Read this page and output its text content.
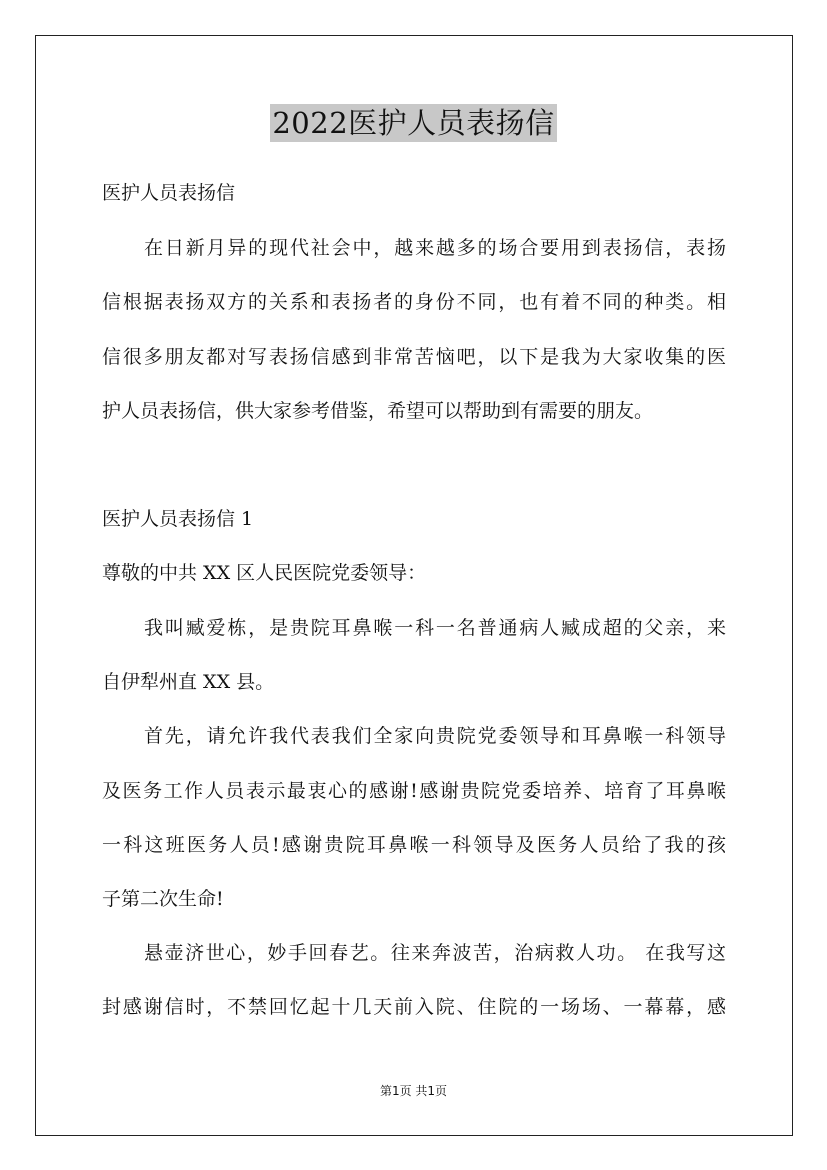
2022医护人员表扬信
医护人员表扬信
在日新月异的现代社会中，越来越多的场合要用到表扬信，表扬
信根据表扬双方的关系和表扬者的身份不同，也有着不同的种类。相
信很多朋友都对写表扬信感到非常苦恼吧，以下是我为大家收集的医
护人员表扬信，供大家参考借鉴，希望可以帮助到有需要的朋友。
医护人员表扬信 1
尊敬的中共 XX 区人民医院党委领导：
我叫臧爱栋，是贵院耳鼻喉一科一名普通病人臧成超的父亲，来
自伊犁州直 XX 县。
首先，请允许我代表我们全家向贵院党委领导和耳鼻喉一科领导
及医务工作人员表示最衷心的感谢!感谢贵院党委培养、培育了耳鼻喉
一科这班医务人员!感谢贵院耳鼻喉一科领导及医务人员给了我的孩
子第二次生命!
悬壶济世心，妙手回春艺。往来奔波苦，治病救人功。 在我写这
封感谢信时，不禁回忆起十几天前入院、住院的一场场、一幕幕，感
第1页 共1页
